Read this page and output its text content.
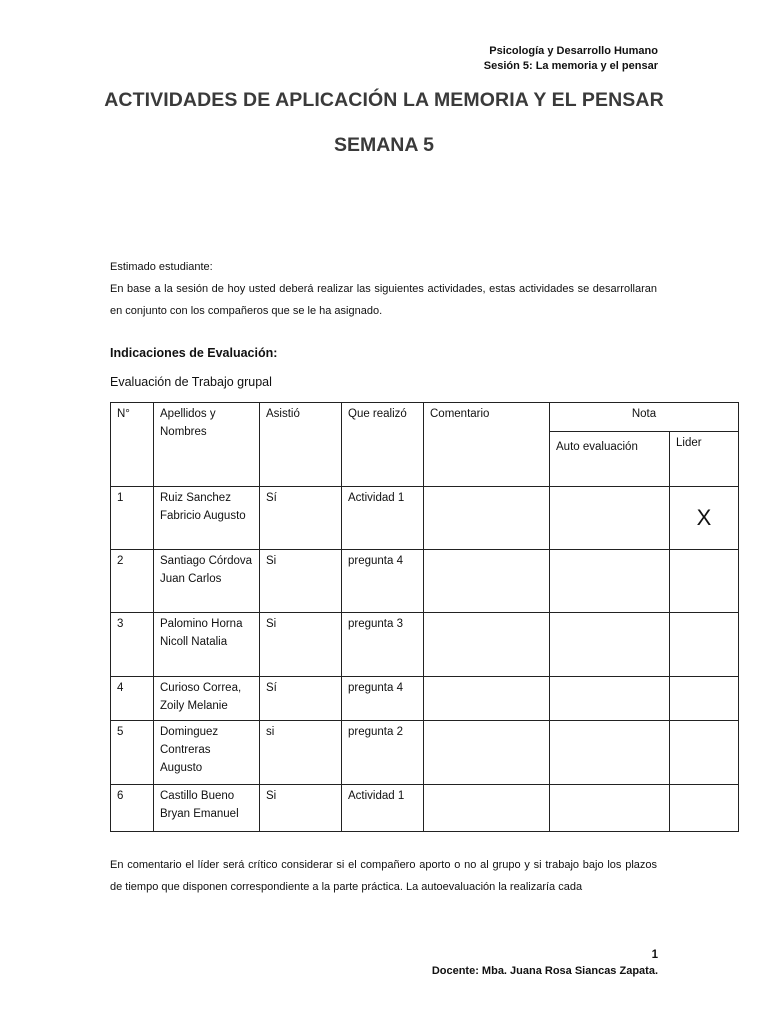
Psicología y Desarrollo Humano
Sesión 5: La memoria y el pensar
ACTIVIDADES DE APLICACIÓN LA MEMORIA Y EL PENSAR
SEMANA 5
Estimado estudiante:
En base a la sesión de hoy usted deberá realizar las siguientes actividades, estas actividades se desarrollaran en conjunto con los compañeros que se le ha asignado.
Indicaciones de Evaluación:
Evaluación de Trabajo grupal
N°	Apellidos y Nombres	Asistió	Que realizó	Comentario	Nota	
					Auto evaluación	Lider
1	Ruiz Sanchez Fabricio Augusto	Sí	Actividad 1			X
2	Santiago Córdova Juan Carlos	Si	pregunta 4			
3	Palomino Horna Nicoll Natalia	Si	pregunta 3			
4	Curioso Correa, Zoily Melanie	Sí	pregunta 4			
5	Dominguez Contreras Augusto	si	pregunta 2			
6	Castillo Bueno Bryan Emanuel	Si	Actividad 1			
En comentario el líder será crítico considerar si el compañero aporto o no al grupo y si trabajo bajo los plazos de tiempo que disponen correspondiente a la parte práctica. La autoevaluación la realizaría cada
1
Docente: Mba. Juana Rosa Siancas Zapata.
